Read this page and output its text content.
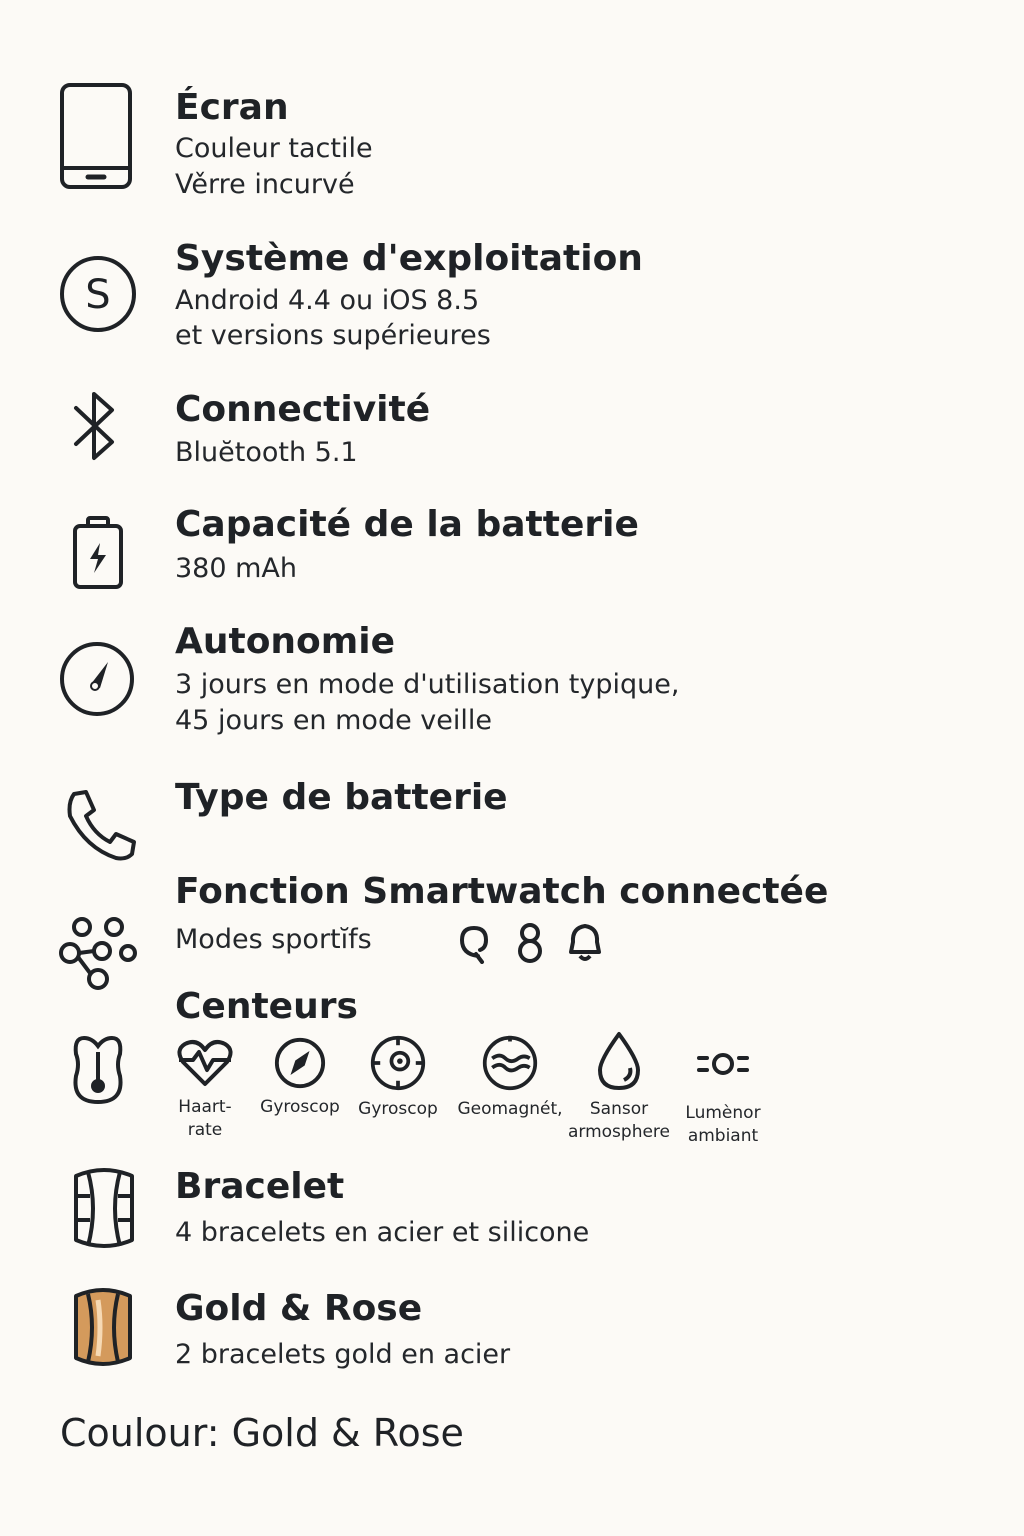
Écran
Couleur tactile
Věrre incurvé
S
Système d'exploitation
Android 4.4 ou iOS 8.5
et versions supérieures
Connectivité
Bluĕtooth 5.1
Capacité de la batterie
380 mAh
Autonomie
3 jours en mode d'utilisation typique,
45 jours en mode veille
Type de batterie
Fonction Smartwatch connectée
Modes sportĭfs
Centeurs
Haart-
rate
Gyroscop	Gyroscop	Geomagnét,	Sansor
armosphere
Lumènor
ambiant
Bracelet
4 bracelets en acier et silicone
Gold & Rose
2 bracelets gold en acier
Coulour: Gold & Rose
